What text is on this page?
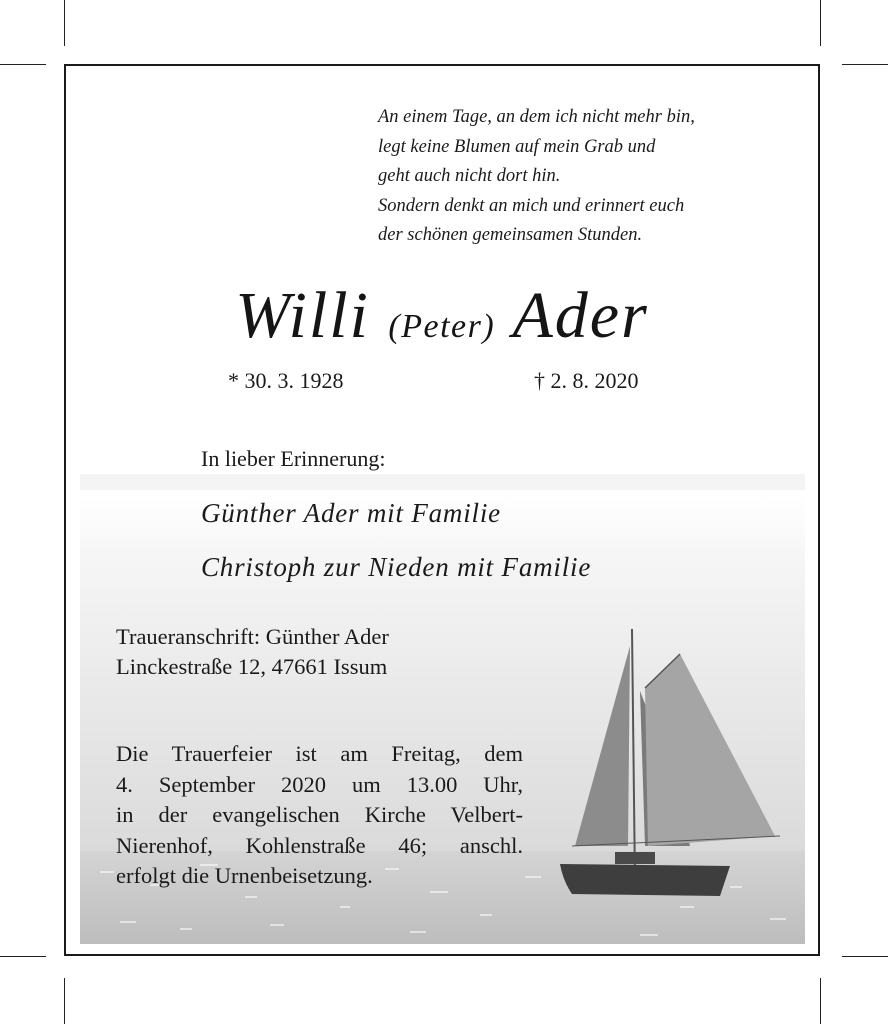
An einem Tage, an dem ich nicht mehr bin,
legt keine Blumen auf mein Grab und
geht auch nicht dort hin.
Sondern denkt an mich und erinnert euch
der schönen gemeinsamen Stunden.
Willi (Peter) Ader
* 30. 3. 1928	† 2. 8. 2020
In lieber Erinnerung:
Günther Ader mit Familie
Christoph zur Nieden mit Familie
Traueranschrift: Günther Ader
Linckestraße 12, 47661 Issum
Die Trauerfeier ist am Freitag, dem
4. September 2020 um 13.00 Uhr,
in der evangelischen Kirche Velbert-
Nierenhof, Kohlenstraße 46; anschl.
erfolgt die Urnenbeisetzung.
